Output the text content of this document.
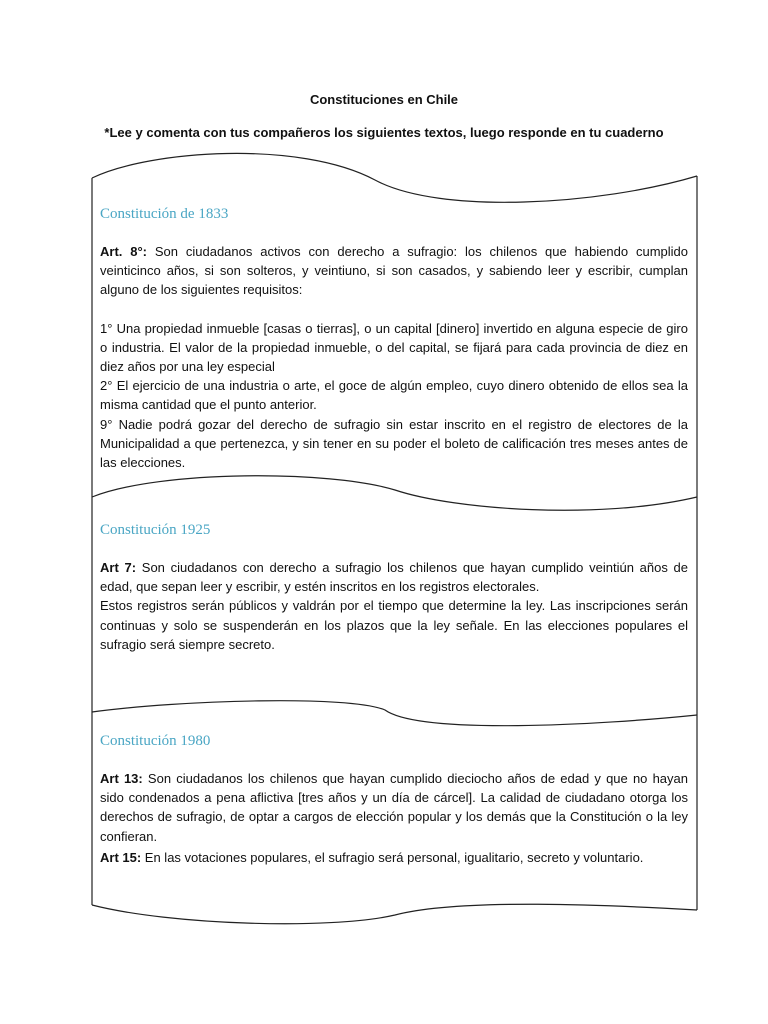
Constituciones en Chile
*Lee y comenta con tus compañeros los siguientes textos, luego responde en tu cuaderno
Constitución de 1833

Art. 8°: Son ciudadanos activos con derecho a sufragio: los chilenos que habiendo cumplido veinticinco años, si son solteros, y veintiuno, si son casados, y sabiendo leer y escribir, cumplan alguno de los siguientes requisitos:

1° Una propiedad inmueble [casas o tierras], o un capital [dinero] invertido en alguna especie de giro o industria. El valor de la propiedad inmueble, o del capital, se fijará para cada provincia de diez en diez años por una ley especial

2° El ejercicio de una industria o arte, el goce de algún empleo, cuyo dinero obtenido de ellos sea la misma cantidad que el punto anterior.

9° Nadie podrá gozar del derecho de sufragio sin estar inscrito en el registro de electores de la Municipalidad a que pertenezca, y sin tener en su poder el boleto de calificación tres meses antes de las elecciones.

Constitución 1925

Art 7: Son ciudadanos con derecho a sufragio los chilenos que hayan cumplido veintiún años de edad, que sepan leer y escribir, y estén inscritos en los registros electorales.

Estos registros serán públicos y valdrán por el tiempo que determine la ley. Las inscripciones serán continuas y solo se suspenderán en los plazos que la ley señale. En las elecciones populares el sufragio será siempre secreto.

Constitución 1980

Art 13: Son ciudadanos los chilenos que hayan cumplido dieciocho años de edad y que no hayan sido condenados a pena aflictiva [tres años y un día de cárcel]. La calidad de ciudadano otorga los derechos de sufragio, de optar a cargos de elección popular y los demás que la Constitución o la ley confieran.

Art 15: En las votaciones populares, el sufragio será personal, igualitario, secreto y voluntario.
